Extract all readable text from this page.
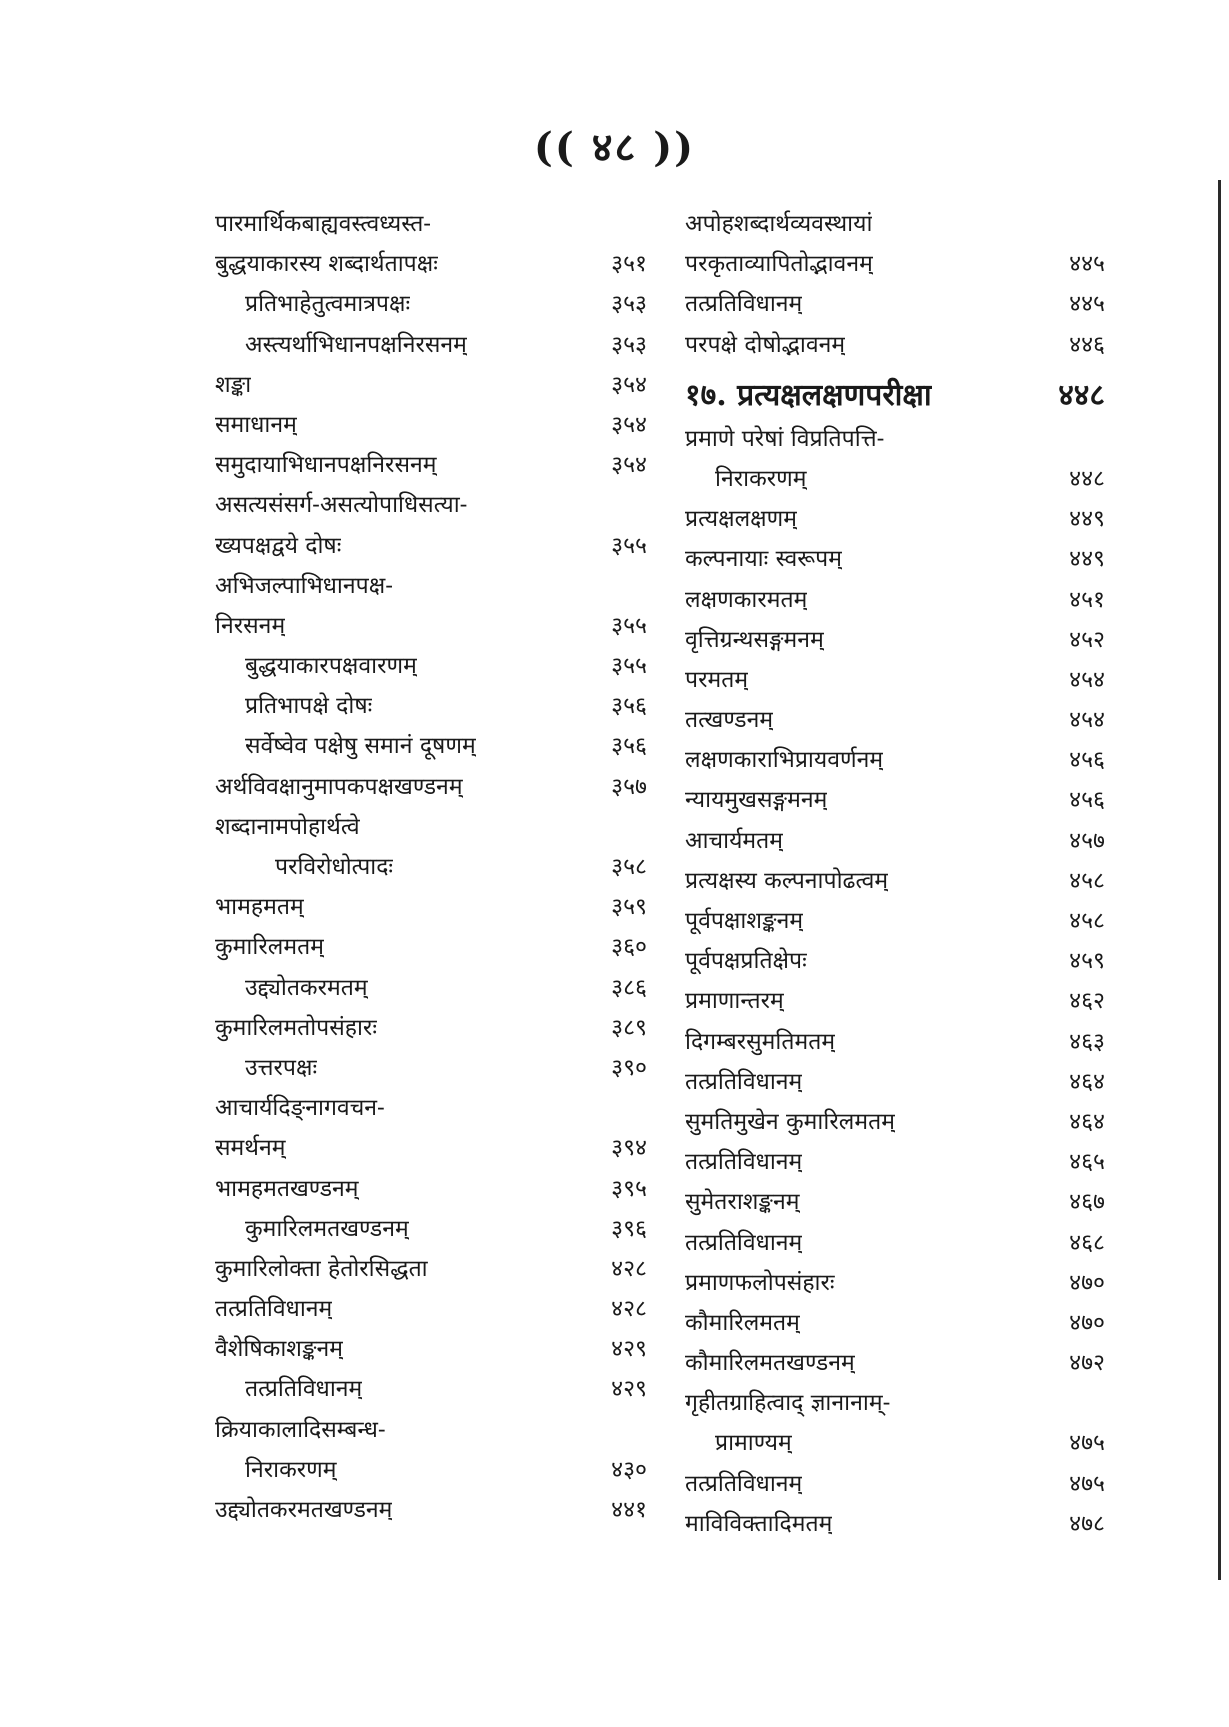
(( ४८ ))
पारमार्थिकबाह्यवस्त्वध्यस्त-
बुद्धयाकारस्य शब्दार्थतापक्षः	३५१
प्रतिभाहेतुत्वमात्रपक्षः	३५३
अस्त्यर्थाभिधानपक्षनिरसनम्	३५३
शङ्का	३५४
समाधानम्	३५४
समुदायाभिधानपक्षनिरसनम्	३५४
असत्यसंसर्ग-असत्योपाधिसत्या-
ख्यपक्षद्वये दोषः	३५५
अभिजल्पाभिधानपक्ष-
निरसनम्	३५५
बुद्धयाकारपक्षवारणम्	३५५
प्रतिभापक्षे दोषः	३५६
सर्वेष्वेव पक्षेषु समानं दूषणम्	३५६
अर्थविवक्षानुमापकपक्षखण्डनम्	३५७
शब्दानामपोहार्थत्वे
परविरोधोत्पादः	३५८
भामहमतम्	३५९
कुमारिलमतम्	३६०
उद्द्योतकरमतम्	३८६
कुमारिलमतोपसंहारः	३८९
उत्तरपक्षः	३९०
आचार्यदिङ्नागवचन-
समर्थनम्	३९४
भामहमतखण्डनम्	३९५
कुमारिलमतखण्डनम्	३९६
कुमारिलोक्ता हेतोरसिद्धता	४२८
तत्प्रतिविधानम्	४२८
वैशेषिकाशङ्कनम्	४२९
तत्प्रतिविधानम्	४२९
क्रियाकालादिसम्बन्ध-
निराकरणम्	४३०
उद्द्योतकरमतखण्डनम्	४४१
अपोहशब्दार्थव्यवस्थायां
परकृताव्यापितोद्भावनम्	४४५
तत्प्रतिविधानम्	४४५
परपक्षे दोषोद्भावनम्	४४६
१७. प्रत्यक्षलक्षणपरीक्षा	४४८
प्रमाणे परेषां विप्रतिपत्ति-
निराकरणम्	४४८
प्रत्यक्षलक्षणम्	४४९
कल्पनायाः स्वरूपम्	४४९
लक्षणकारमतम्	४५१
वृत्तिग्रन्थसङ्गमनम्	४५२
परमतम्	४५४
तत्खण्डनम्	४५४
लक्षणकाराभिप्रायवर्णनम्	४५६
न्यायमुखसङ्गमनम्	४५६
आचार्यमतम्	४५७
प्रत्यक्षस्य कल्पनापोढत्वम्	४५८
पूर्वपक्षाशङ्कनम्	४५८
पूर्वपक्षप्रतिक्षेपः	४५९
प्रमाणान्तरम्	४६२
दिगम्बरसुमतिमतम्	४६३
तत्प्रतिविधानम्	४६४
सुमतिमुखेन कुमारिलमतम्	४६४
तत्प्रतिविधानम्	४६५
सुमेतराशङ्कनम्	४६७
तत्प्रतिविधानम्	४६८
प्रमाणफलोपसंहारः	४७०
कौमारिलमतम्	४७०
कौमारिलमतखण्डनम्	४७२
गृहीतग्राहित्वाद् ज्ञानानाम्-
प्रामाण्यम्	४७५
तत्प्रतिविधानम्	४७५
माविविक्तादिमतम्	४७८
